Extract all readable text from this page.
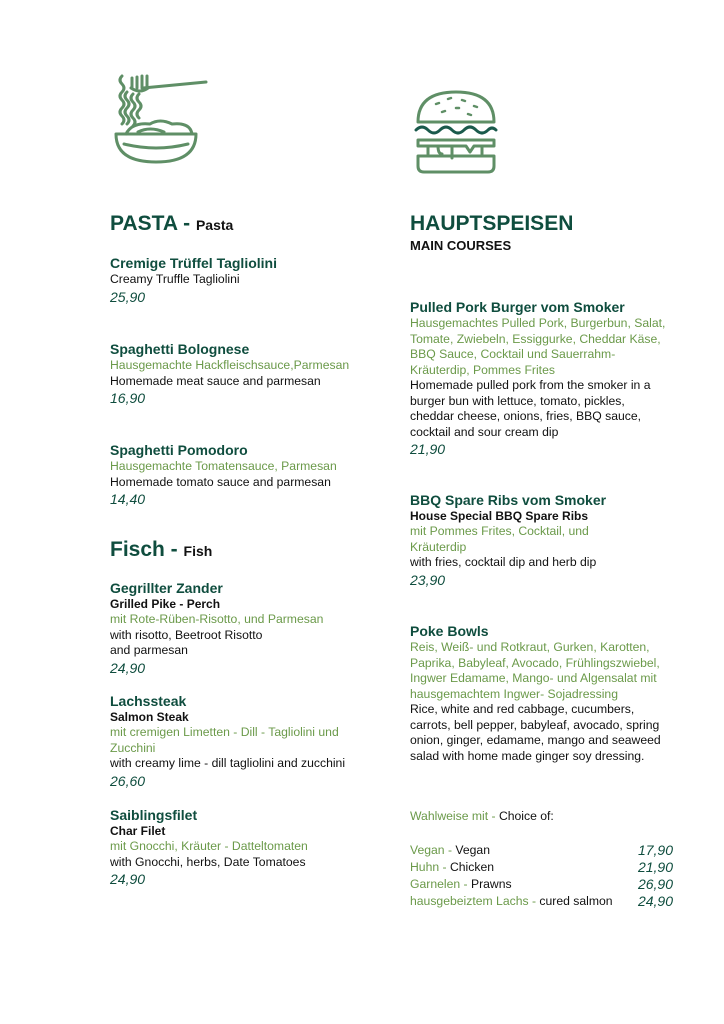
PASTA - Pasta
Cremige Trüffel Tagliolini
Creamy Truffle Tagliolini
25,90
Spaghetti Bolognese
Hausgemachte Hackfleischsauce,Parmesan
Homemade meat sauce and parmesan
16,90
Spaghetti Pomodoro
Hausgemachte Tomatensauce, Parmesan
Homemade tomato sauce and parmesan
14,40
Fisch - Fish
Gegrillter Zander
Grilled Pike - Perch
mit Rote-Rüben-Risotto, und Parmesan
with risotto, Beetroot Risotto and parmesan
24,90
Lachssteak
Salmon Steak
mit cremigen Limetten - Dill - Tagliolini und Zucchini
with creamy lime - dill tagliolini and zucchini
26,60
Saiblingsfilet
Char Filet
mit Gnocchi, Kräuter - Datteltomaten
with Gnocchi, herbs, Date Tomatoes
24,90
HAUPTSPEISEN
MAIN COURSES
Pulled Pork Burger vom Smoker
Hausgemachtes Pulled Pork, Burgerbun, Salat, Tomate, Zwiebeln, Essiggurke, Cheddar Käse, BBQ Sauce, Cocktail und Sauerrahm-Kräuterdip, Pommes Frites
Homemade pulled pork from the smoker in a burger bun with lettuce, tomato, pickles, cheddar cheese, onions, fries, BBQ sauce, cocktail and sour cream dip
21,90
BBQ Spare Ribs vom Smoker
House Special BBQ Spare Ribs
mit Pommes Frites, Cocktail, und Kräuterdip
with fries, cocktail dip and herb dip
23,90
Poke Bowls
Reis, Weiß- und Rotkraut, Gurken, Karotten, Paprika, Babyleaf, Avocado, Frühlingszwiebel, Ingwer Edamame, Mango- und Algensalat mit hausgemachtem Ingwer- Sojadressing
Rice, white and red cabbage, cucumbers, carrots, bell pepper, babyleaf, avocado, spring onion, ginger, edamame, mango and seaweed salad with home made ginger soy dressing.
Wahlweise mit - Choice of:
Vegan - Vegan	17,90
Huhn - Chicken	21,90
Garnelen - Prawns	26,90
hausgebeiztem Lachs - cured salmon 24,90
